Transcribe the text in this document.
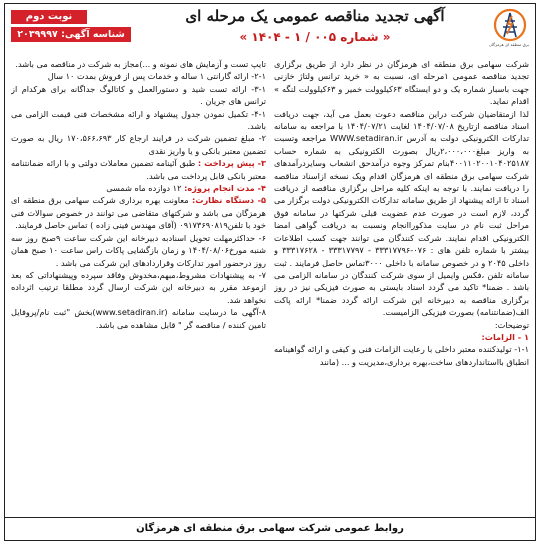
برق منطقه ای هرمزگان
آگهی تجدید مناقصه عمومی یک مرحله ای
« شماره ۰۰۵ / ۱ - ۱۴۰۴ »
نوبت دوم
شناسه آگهی: ۲۰۳۹۹۹۷

شرکت سهامی برق منطقه ای هرمزگان در نظر دارد از طریق برگزاری تجدید مناقصه عمومی ۱مرحله ای، نسبت به « خرید ترانس ولتاژ خازنی جهت باسبار شماره یک و دو ایستگاه ۶۳کیلوولت خمیر و ۶۳کیلوولت لنگه » اقدام نماید.

لذا ازمتقاضیان شرکت دراین مناقصه دعوت بعمل می آید، جهت دریافت اسناد مناقصه ازتاریخ ۱۴۰۴/۰۷/۰۸ لغایت ۱۴۰۴/۰۷/۲۱ با مراجعه به سامانه تدارکات الکترونیکی دولت به آدرس WWW.setadiran.ir مراجعه وتسبت به واریز مبلغ۲،۰۰۰،۰۰۰ریال بصورت الکترونیکی به شماره حساب ۴۰۰۱۱۰۲۰۰۱۰۴۰۲۵۱۸۷بنام تمرکز وجوه درآمدحق انشعاب وسایردرآمدهای شرکت سهامی برق منطقه ای هرمزگان اقدام ویک نسخه ازاسناد مناقصه را دریافت نمایند. با توجه به اینکه کلیه مراحل برگزاری مناقصه از دریافت اسناد تا ارائه پیشنهاد از طریق سامانه تدارکات الکترونیکی دولت برگزار می گردد، لازم است در صورت عدم عضویت قبلی شرکتها در سامانه فوق مراحل ثبت نام در سایت مذکوراانجام ونسبت به دریافت گواهی امضا الکترونیکی اقدام نمایند. شرکت کنندگان می توانند جهت کسب اطلاعات بیشتر با شماره تلفن های : ۰۷۶-۳۳۳۱۷۷۹۶ - ۳۳۳۱۷۷۹۷ - ۳۳۳۱۷۶۲۸ و داخلی ۲۰۴۵ و در خصوص سامانه با داخلی ۳۰۰۰تماس حاصل فرمایند . ثبت سامانه تلفن ،فکس وایمیل از سوی شرکت کنندگان در سامانه الزامی می باشد . ضمنا* تاکید می گردد اسناد بایستی به صورت فیزیکی نیز در روز برگزاری مناقصه به دبیرخانه این شرکت ارائه گردد ضمنا* ارائه پاکت الف(ضمانتنامه) بصورت فیزیکی الزامیست.

توضیحات:

۱ - الزامات:

۱-۱- تولیدکننده معتبر داخلی با رعایت الزامات فنی و کیفی و ارائه گواهینامه انطباق بااستانداردهای ساخت،بهره برداری،مدیریت و ... (مانند

تایپ تست و آزمایش های نمونه و ...)مجاز به شرکت در مناقصه می باشد.

۲-۱- ارائه گارانتی ۱ ساله و خدمات پس از فروش بمدت ۱۰ سال

۳-۱- ارائه تست شید و دستورالعمل و کاتالوگ جداگانه برای هرکدام از ترانس های جریان .

۴-۱- تکمیل نمودن جدول پیشنهاد و ارائه مشخصات فنی قیمت الزامی می باشد.

۲- مبلغ تضمین شرکت در فرایند ارجاع کار ۱۷۰،۵۶۶،۶۹۳ ریال به صورت تضمین معتبر بانکی و یا واریز نقدی

۳- پیش پرداخت : طبق آئینامه تضمین معاملات دولتی و با ارائه ضمانتنامه معتبر بانکی قابل پرداخت می باشد.

۴- مدت انجام پروژه: ۱۲ دوازده ماه شمسی

۵- دستگاه نظارت: معاونت بهره برداری شرکت سهامی برق منطقه ای هرمزگان می باشد و شرکتهای متقاضی می توانند در خصوص سوالات فنی خود با تلفن۰۹۱۷۳۶۹۰۸۱۹ (آقای مهندس فینی زاده ) تماس حاصل فرمایند.

۶- حداکثرمهلت تحویل اسنادبه دبیرخانه این شرکت ساعت ۹صبح روز سه شنبه مورخ۱۴۰۴/۰۸/۰۶ و زمان بازگشایی پاکات راس ساعت ۱۰ صبح همان روز درحضور امور تدارکات وقراردادهای این شرکت می باشد .

۷- به پیشنهادات مشروط،مبهم،مخدوش وفاقد سپرده وپیشنهاداتی که بعد ازموعد مقرر به دبیرخانه این شرکت ارسال گردد مطلقا ترتیب اثرداده نخواهد شد.

۸-آگهی ما درسایت سامانه (www.setadiran.ir)بخش "ثبت نام/پروفایل تامین کننده / مناقصه گر " قابل مشاهده می باشد.

روابط عمومی شرکت سهامی برق منطقه ای هرمزگان
